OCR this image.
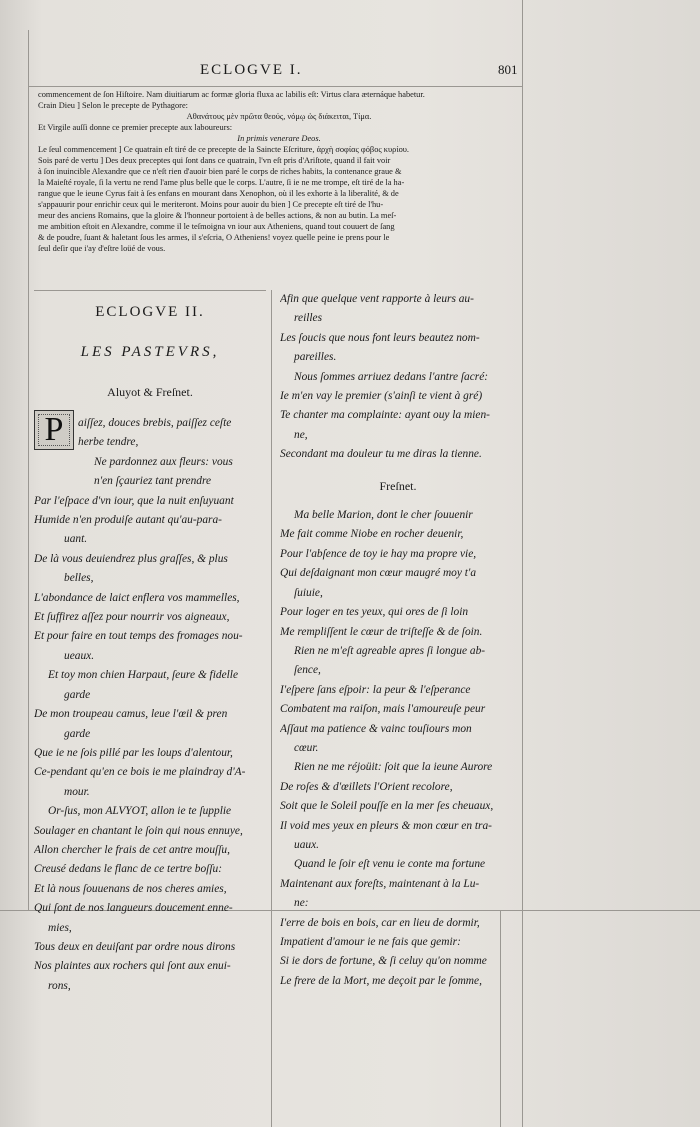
ECLOGVE I.	801

commencement de ſon Hiſtoire. Nam diuitiarum ac formæ gloria fluxa ac labilis eſt: Virtus clara æternáque habetur.

Crain Dieu ] Selon le precepte de Pythagore:

Αθανάτους μὲν πρῶτα θεούς, νόμῳ ὡς διάκειται, Τίμα.

Et Virgile auſſi donne ce premier precepte aux laboureurs:

In primis venerare Deos.

Le ſeul commencement ] Ce quatrain eſt tiré de ce precepte de la Saincte Eſcriture, ἀρχὴ σοφίας φόβος κυρίου.

Sois paré de vertu ] Des deux preceptes qui ſont dans ce quatrain, l'vn eſt pris d'Ariſtote, quand il fait voir

à ſon inuincible Alexandre que ce n'eſt rien d'auoir bien paré le corps de riches habits, la contenance graue &

la Maieſté royale, ſi la vertu ne rend l'ame plus belle que le corps. L'autre, ſi ie ne me trompe, eſt tiré de la ha-

rangue que le ieune Cyrus fait à ſes enfans en mourant dans Xenophon, où il les exhorte à la liberalité, & de

s'appauurir pour enrichir ceux qui le meriteront. Moins pour auoir du bien ] Ce precepte eſt tiré de l'hu-

meur des anciens Romains, que la gloire & l'honneur portoient à de belles actions, & non au butin. La meſ-

me ambition eſtoit en Alexandre, comme il le teſmoigna vn iour aux Atheniens, quand tout couuert de ſang

& de poudre, ſuant & haletant ſous les armes, il s'eſcria, O Atheniens! voyez quelle peine ie prens pour le

ſeul deſir que i'ay d'eſtre loüé de vous.

ECLOGVE II.

LES PASTEVRS,

Aluyot & Freſnet.

aiſſez, douces brebis, paiſſez ceſte

herbe tendre,

Ne pardonnez aux fleurs: vous

n'en ſçauriez tant prendre

Par l'eſpace d'vn iour, que la nuit enſuyuant

Humide n'en produiſe autant qu'au-para-

uant.

De là vous deuiendrez plus graſſes, & plus

belles,

L'abondance de laict enflera vos mammelles,

Et ſuffirez aſſez pour nourrir vos aigneaux,

Et pour faire en tout temps des fromages nou-

ueaux.

Et toy mon chien Harpaut, ſeure & fidelle

garde

De mon troupeau camus, leue l'œil & pren

garde

Que ie ne ſois pillé par les loups d'alentour,

Ce-pendant qu'en ce bois ie me plaindray d'A-

mour.

Or-ſus, mon ALVYOT, allon ie te ſupplie

Soulager en chantant le ſoin qui nous ennuye,

Allon chercher le frais de cet antre mouſſu,

Creusé dedans le flanc de ce tertre boſſu:

Et là nous ſouuenans de nos cheres amies,

Qui ſont de nos langueurs doucement enne-

mies,

Tous deux en deuiſant par ordre nous dirons

Nos plaintes aux rochers qui ſont aux enui-

rons,

P

Afin que quelque vent rapporte à leurs au-

reilles

Les ſoucis que nous font leurs beautez nom-

pareilles.

Nous ſommes arriuez dedans l'antre ſacré:

Ie m'en vay le premier (s'ainſi te vient à gré)

Te chanter ma complainte: ayant ouy la mien-

ne,

Secondant ma douleur tu me diras la tienne.

Freſnet.

Ma belle Marion, dont le cher ſouuenir

Me fait comme Niobe en rocher deuenir,

Pour l'abſence de toy ie hay ma propre vie,

Qui deſdaignant mon cœur maugré moy t'a

ſuiuie,

Pour loger en tes yeux, qui ores de ſi loin

Me rempliſſent le cœur de triſteſſe & de ſoin.

Rien ne m'eſt agreable apres ſi longue ab-

ſence,

I'eſpere ſans eſpoir: la peur & l'eſperance

Combatent ma raiſon, mais l'amoureuſe peur

Aſſaut ma patience & vainc touſiours mon

cœur.

Rien ne me réjoüit: ſoit que la ieune Aurore

De roſes & d'œillets l'Orient recolore,

Soit que le Soleil pouſſe en la mer ſes cheuaux,

Il void mes yeux en pleurs & mon cœur en tra-

uaux.

Quand le ſoir eſt venu ie conte ma fortune

Maintenant aux foreſts, maintenant à la Lu-

ne:

I'erre de bois en bois, car en lieu de dormir,

Impatient d'amour ie ne fais que gemir:

Si ie dors de fortune, & ſi celuy qu'on nomme

Le frere de la Mort, me deçoit par le ſomme,
